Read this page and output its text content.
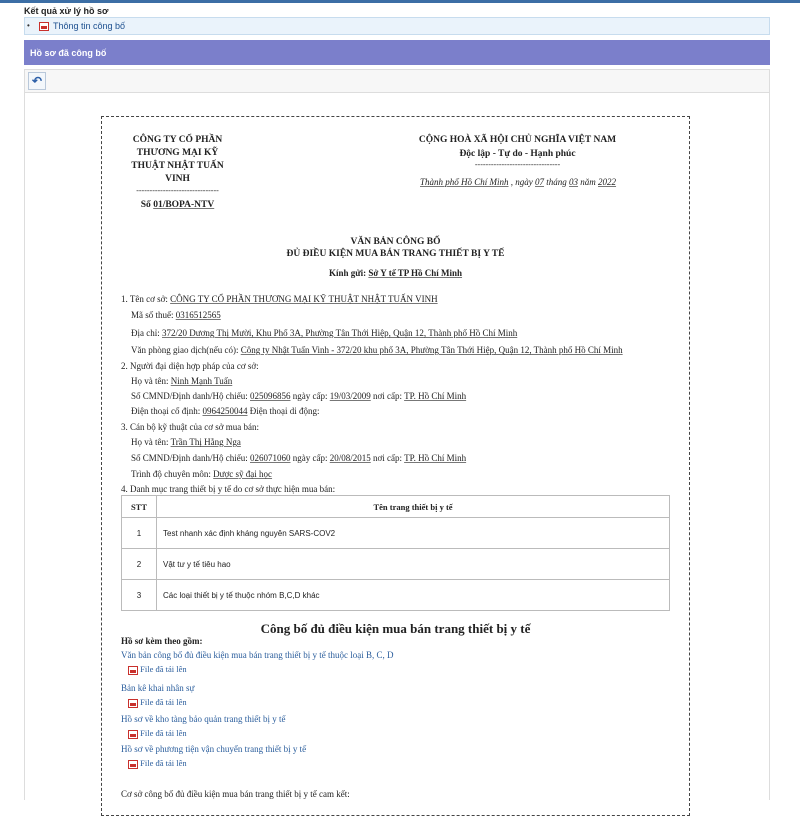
Kết quả xử lý hồ sơ
•	Thông tin công bố
Hồ sơ đã công bố
↶
CÔNG TY CỔ PHẦN
THƯƠNG MẠI KỸ
THUẬT NHẬT TUẤN
VINH
-------------------------------
Số 01/BOPA-NTV
CỘNG HOÀ XÃ HỘI CHỦ NGHĨA VIỆT NAM
Độc lập - Tự do - Hạnh phúc
--------------------------------
Thành phố Hồ Chí Minh , ngày 07 tháng 03 năm 2022
VĂN BẢN CÔNG BỐ
ĐỦ ĐIỀU KIỆN MUA BÁN TRANG THIẾT BỊ Y TẾ
Kính gửi: Sở Y tế TP Hồ Chí Minh
1. Tên cơ sở: CÔNG TY CỔ PHẦN THƯƠNG MẠI KỸ THUẬT NHẬT TUẤN VINH
Mã số thuế: 0316512565
Địa chỉ: 372/20 Dương Thị Mười, Khu Phố 3A, Phường Tân Thới Hiệp, Quận 12, Thành phố Hồ Chí Minh
Văn phòng giao dịch(nếu có): Công ty Nhật Tuấn Vinh - 372/20 khu phố 3A, Phường Tân Thới Hiệp, Quận 12, Thành phố Hồ Chí Minh
2. Người đại diện hợp pháp của cơ sở:
Họ và tên: Ninh Mạnh Tuấn
Số CMND/Định danh/Hộ chiếu: 025096856 ngày cấp: 19/03/2009 nơi cấp: TP. Hồ Chí Minh
Điện thoại cố định: 0964250044 Điện thoại di động:
3. Cán bộ kỹ thuật của cơ sở mua bán:
Họ và tên: Trần Thị Hằng Nga
Số CMND/Định danh/Hộ chiếu: 026071060 ngày cấp: 20/08/2015 nơi cấp: TP. Hồ Chí Minh
Trình độ chuyên môn: Dược sỹ đại học
4. Danh mục trang thiết bị y tế do cơ sở thực hiện mua bán:
STT	Tên trang thiết bị y tế
1	Test nhanh xác định kháng nguyên SARS-COV2
2	Vật tư y tế tiêu hao
3	Các loại thiết bị y tế thuộc nhóm B,C,D khác
Công bố đủ điều kiện mua bán trang thiết bị y tế
Hồ sơ kèm theo gồm:
Văn bản công bố đủ điều kiện mua bán trang thiết bị y tế thuộc loại B, C, D
File đã tải lên
Bản kê khai nhân sự
File đã tải lên
Hồ sơ về kho tàng bảo quản trang thiết bị y tế
File đã tải lên
Hồ sơ về phương tiện vận chuyển trang thiết bị y tế
File đã tải lên
Cơ sở công bố đủ điều kiện mua bán trang thiết bị y tế cam kết:
